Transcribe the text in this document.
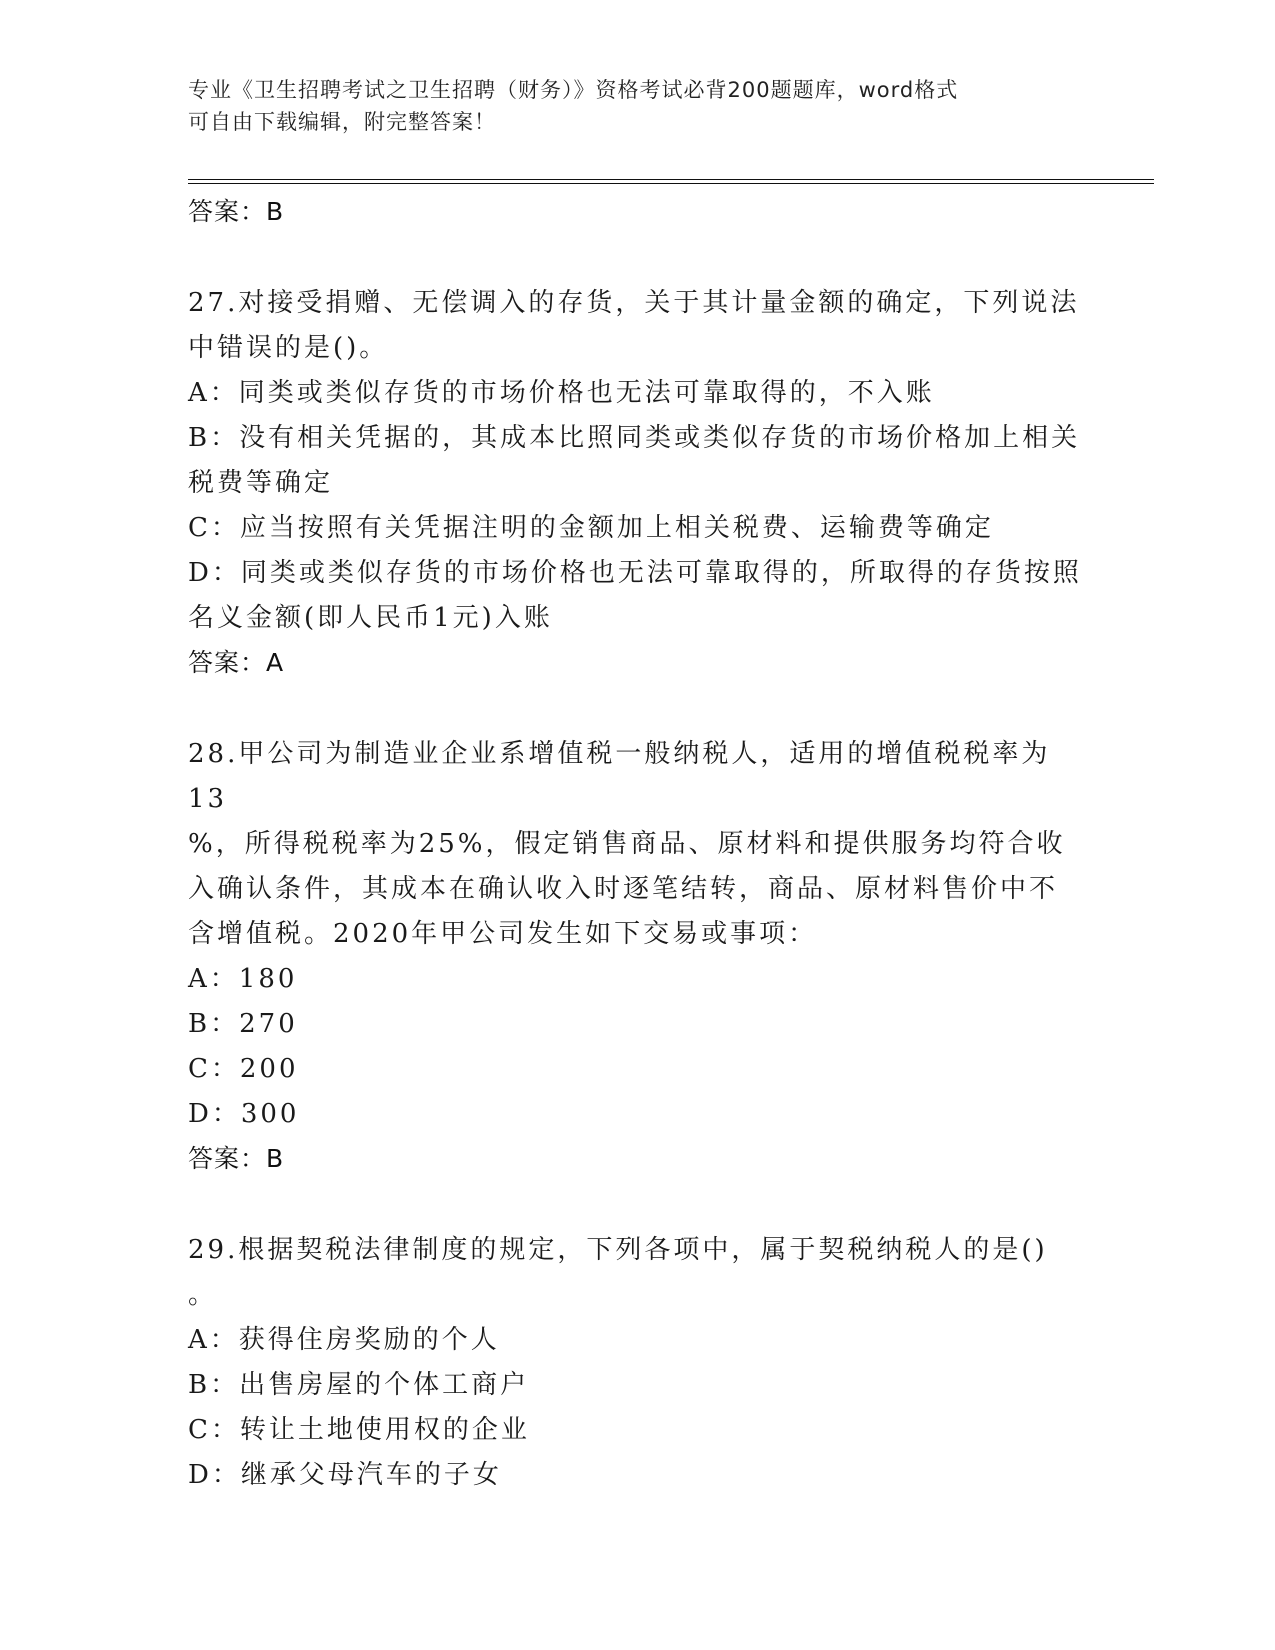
专业《卫生招聘考试之卫生招聘（财务）》资格考试必背200题题库，word格式
可自由下载编辑，附完整答案！
答案：B

27.对接受捐赠、无偿调入的存货，关于其计量金额的确定，下列说法

中错误的是()。

A：同类或类似存货的市场价格也无法可靠取得的，不入账

B：没有相关凭据的，其成本比照同类或类似存货的市场价格加上相关

税费等确定

C：应当按照有关凭据注明的金额加上相关税费、运输费等确定

D：同类或类似存货的市场价格也无法可靠取得的，所取得的存货按照

名义金额(即人民币1元)入账

答案：A

28.甲公司为制造业企业系增值税一般纳税人，适用的增值税税率为13

%，所得税税率为25%，假定销售商品、原材料和提供服务均符合收

入确认条件，其成本在确认收入时逐笔结转，商品、原材料售价中不

含增值税。2020年甲公司发生如下交易或事项：

A：180

B：270

C：200

D：300

答案：B

29.根据契税法律制度的规定，下列各项中，属于契税纳税人的是()

。

A：获得住房奖励的个人

B：出售房屋的个体工商户

C：转让土地使用权的企业

D：继承父母汽车的子女
